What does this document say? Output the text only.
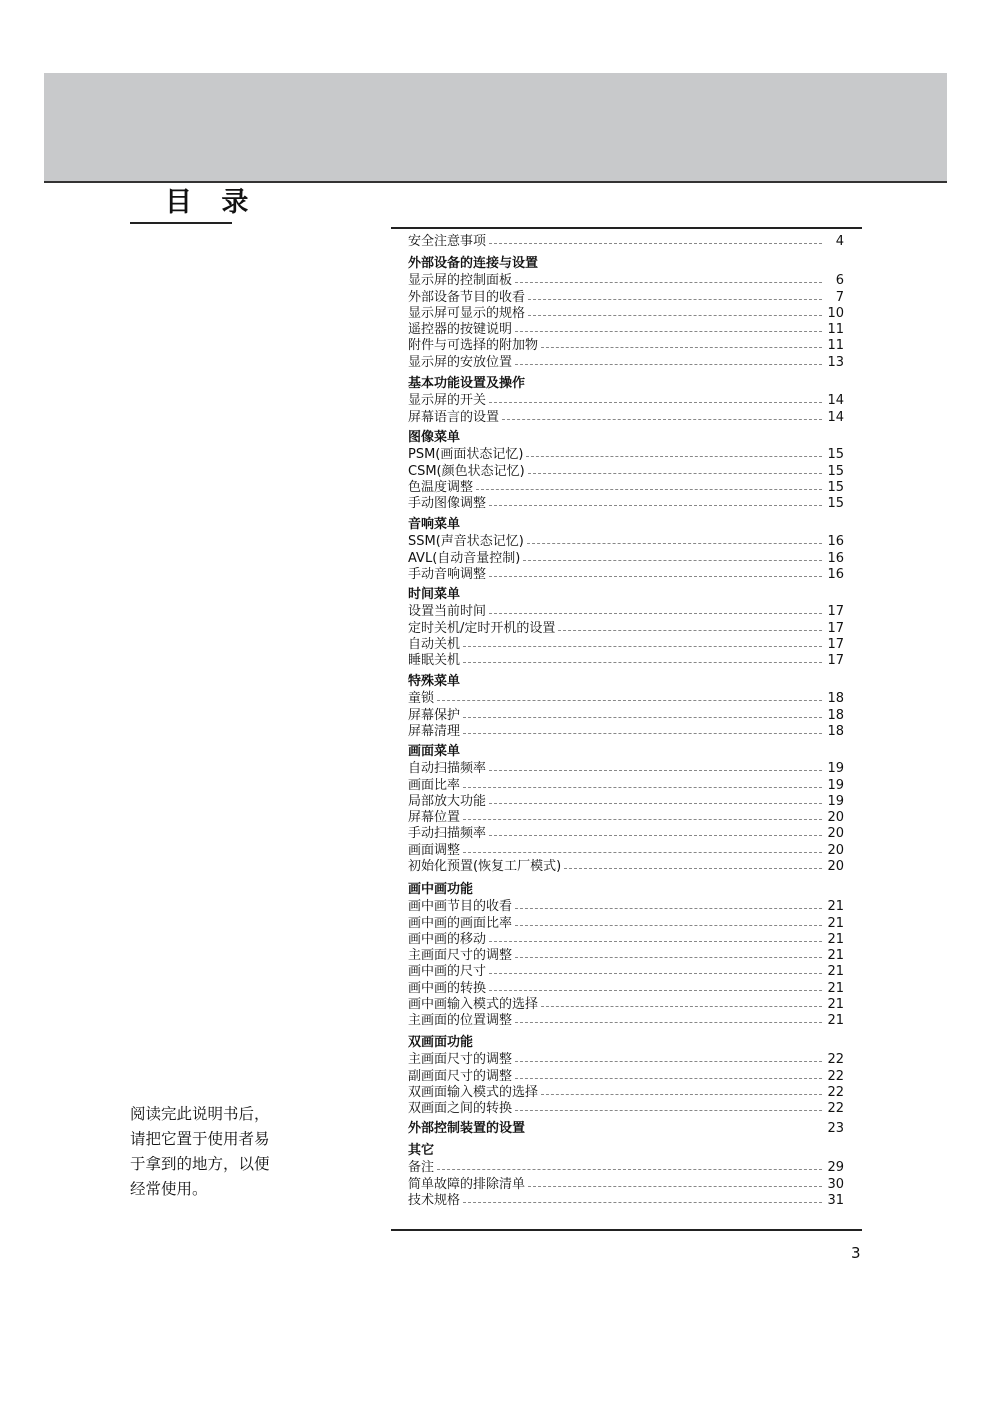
目 录
安全注意事项	4
外部设备的连接与设置
显示屏的控制面板	6
外部设备节目的收看	7
显示屏可显示的规格	10
遥控器的按键说明	11
附件与可选择的附加物	11
显示屏的安放位置	13
基本功能设置及操作
显示屏的开关	14
屏幕语言的设置	14
图像菜单
PSM(画面状态记忆)	15
CSM(颜色状态记忆)	15
色温度调整	15
手动图像调整	15
音响菜单
SSM(声音状态记忆)	16
AVL(自动音量控制)	16
手动音响调整	16
时间菜单
设置当前时间	17
定时关机/定时开机的设置	17
自动关机	17
睡眠关机	17
特殊菜单
童锁	18
屏幕保护	18
屏幕清理	18
画面菜单
自动扫描频率	19
画面比率	19
局部放大功能	19
屏幕位置	20
手动扫描频率	20
画面调整	20
初始化预置(恢复工厂模式)	20
画中画功能
画中画节目的收看	21
画中画的画面比率	21
画中画的移动	21
主画面尺寸的调整	21
画中画的尺寸	21
画中画的转换	21
画中画输入模式的选择	21
主画面的位置调整	21
双画面功能
主画面尺寸的调整	22
副画面尺寸的调整	22
双画面输入模式的选择	22
双画面之间的转换	22
外部控制装置的设置	23
其它
备注	29
简单故障的排除清单	30
技术规格	31
阅读完此说明书后，请把它置于使用者易于拿到的地方，以便经常使用。
3
